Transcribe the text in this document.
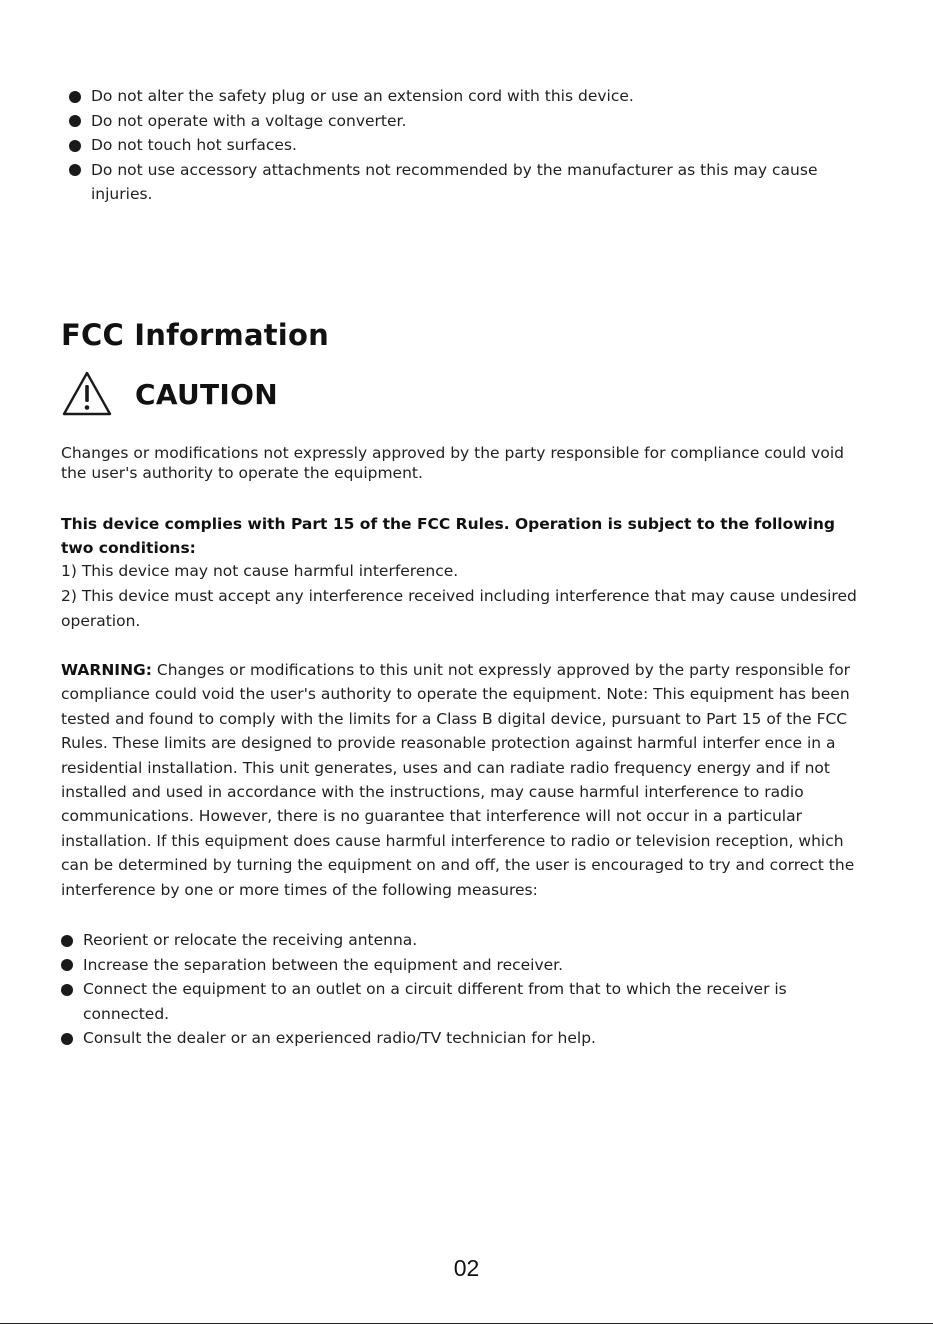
Do not alter the safety plug or use an extension cord with this device.
Do not operate with a voltage converter.
Do not touch hot surfaces.
Do not use accessory attachments not recommended by the manufacturer as this may cause injuries.
FCC Information
CAUTION

Changes or modifications not expressly approved by the party responsible for compliance could void the user's authority to operate the equipment.

This device complies with Part 15 of the FCC Rules. Operation is subject to the following two conditions:

1) This device may not cause harmful interference.

2) This device must accept any interference received including interference that may cause undesired operation.

WARNING: Changes or modifications to this unit not expressly approved by the party responsible for compliance could void the user's authority to operate the equipment. Note: This equipment has been tested and found to comply with the limits for a Class B digital device, pursuant to Part 15 of the FCC Rules. These limits are designed to provide reasonable protection against harmful interfer ence in a residential installation. This unit generates, uses and can radiate radio frequency energy and if not installed and used in accordance with the instructions, may cause harmful interference to radio communications. However, there is no guarantee that interference will not occur in a particular installation. If this equipment does cause harmful interference to radio or television reception, which can be determined by turning the equipment on and off, the user is encouraged to try and correct the interference by one or more times of the following measures:

Reorient or relocate the receiving antenna.
Increase the separation between the equipment and receiver.
Connect the equipment to an outlet on a circuit different from that to which the receiver is connected.
Consult the dealer or an experienced radio/TV technician for help.
02
